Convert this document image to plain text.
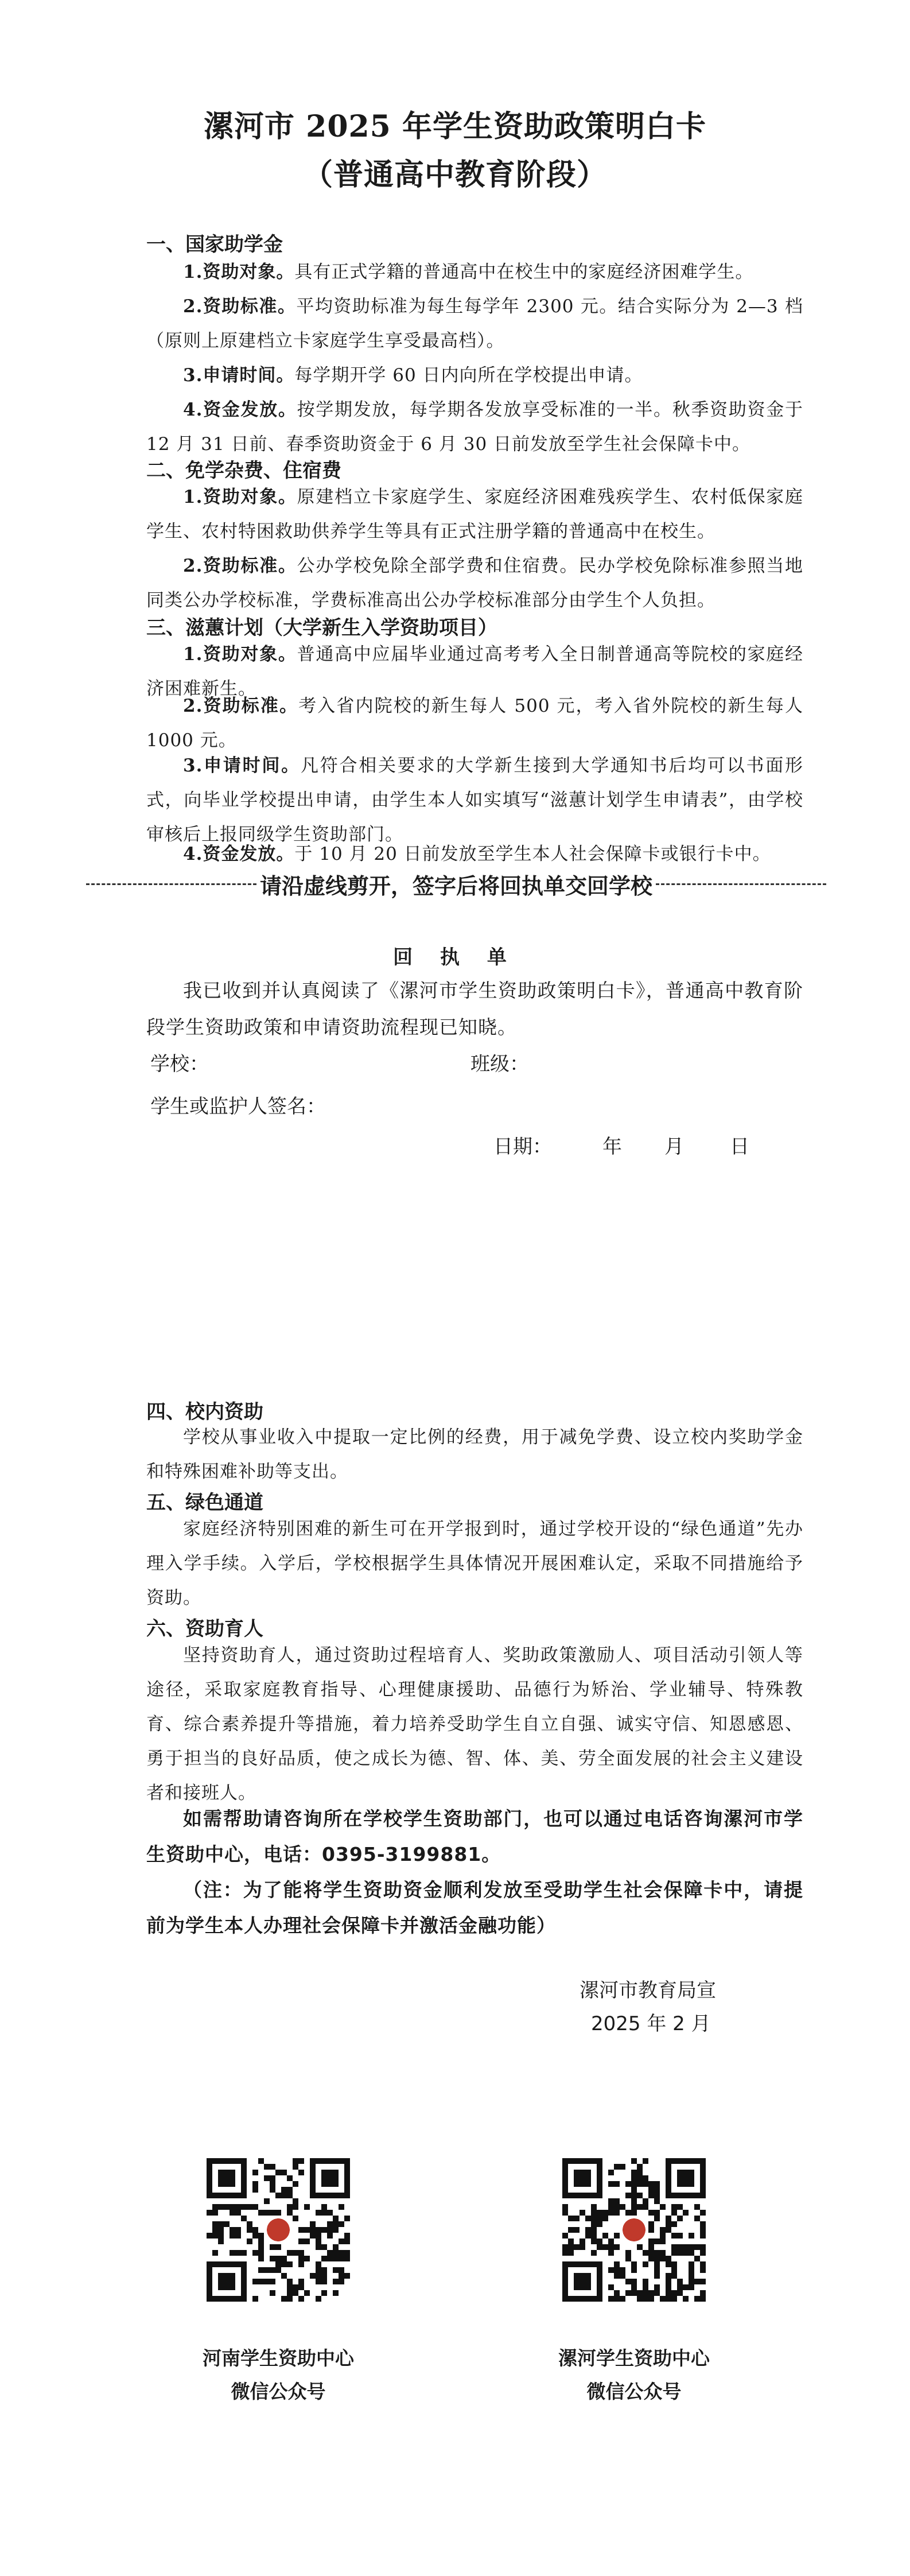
漯河市 2025 年学生资助政策明白卡
（普通高中教育阶段）
一、国家助学金
1.资助对象。具有正式学籍的普通高中在校生中的家庭经济困难学生。
2.资助标准。平均资助标准为每生每学年 2300 元。结合实际分为 2—3 档（原则上原建档立卡家庭学生享受最高档）。
3.申请时间。每学期开学 60 日内向所在学校提出申请。
4.资金发放。按学期发放，每学期各发放享受标准的一半。秋季资助资金于 12 月 31 日前、春季资助资金于 6 月 30 日前发放至学生社会保障卡中。
二、免学杂费、住宿费
1.资助对象。原建档立卡家庭学生、家庭经济困难残疾学生、农村低保家庭学生、农村特困救助供养学生等具有正式注册学籍的普通高中在校生。
2.资助标准。公办学校免除全部学费和住宿费。民办学校免除标准参照当地同类公办学校标准，学费标准高出公办学校标准部分由学生个人负担。
三、滋蕙计划（大学新生入学资助项目）
1.资助对象。普通高中应届毕业通过高考考入全日制普通高等院校的家庭经济困难新生。
2.资助标准。考入省内院校的新生每人 500 元，考入省外院校的新生每人 1000 元。
3.申请时间。凡符合相关要求的大学新生接到大学通知书后均可以书面形式，向毕业学校提出申请，由学生本人如实填写“滋蕙计划学生申请表”，由学校审核后上报同级学生资助部门。
4.资金发放。于 10 月 20 日前发放至学生本人社会保障卡或银行卡中。
请沿虚线剪开，签字后将回执单交回学校
回 执 单
我已收到并认真阅读了《漯河市学生资助政策明白卡》，普通高中教育阶段学生资助政策和申请资助流程现已知晓。
学校：	班级：
学生或监护人签名：
日期：	年 月 日
四、校内资助
学校从事业收入中提取一定比例的经费，用于减免学费、设立校内奖助学金和特殊困难补助等支出。
五、绿色通道
家庭经济特别困难的新生可在开学报到时，通过学校开设的“绿色通道”先办理入学手续。入学后，学校根据学生具体情况开展困难认定，采取不同措施给予资助。
六、资助育人
坚持资助育人，通过资助过程培育人、奖助政策激励人、项目活动引领人等途径，采取家庭教育指导、心理健康援助、品德行为矫治、学业辅导、特殊教育、综合素养提升等措施，着力培养受助学生自立自强、诚实守信、知恩感恩、勇于担当的良好品质，使之成长为德、智、体、美、劳全面发展的社会主义建设者和接班人。
如需帮助请咨询所在学校学生资助部门，也可以通过电话咨询漯河市学生资助中心，电话：0395-3199881。
（注：为了能将学生资助资金顺利发放至受助学生社会保障卡中，请提前为学生本人办理社会保障卡并激活金融功能）
漯河市教育局宣
2025 年 2 月
河南学生资助中心
微信公众号
漯河学生资助中心
微信公众号
